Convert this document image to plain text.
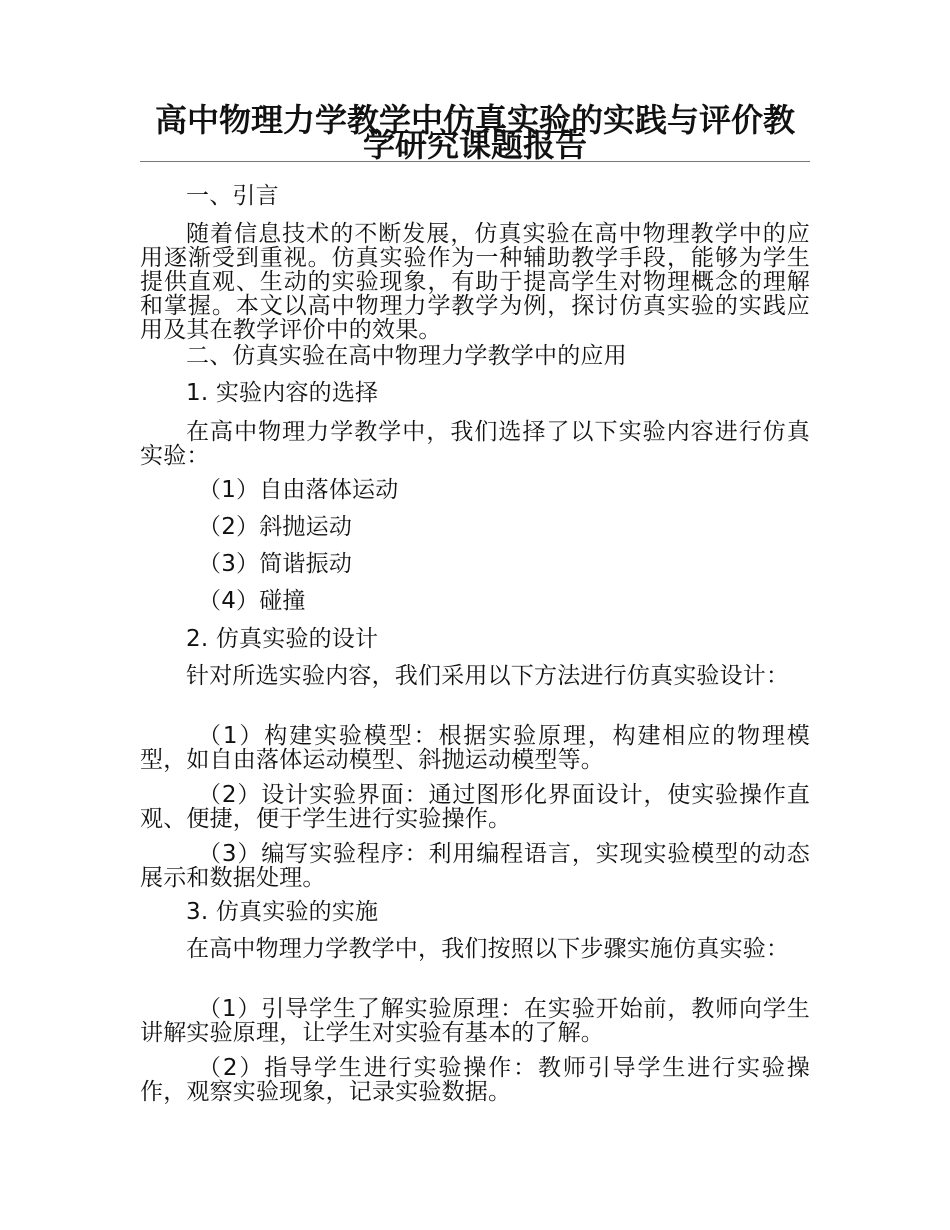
高中物理力学教学中仿真实验的实践与评价教学研究课题报告
一、引言
随着信息技术的不断发展，仿真实验在高中物理教学中的应用逐渐受到重视。仿真实验作为一种辅助教学手段，能够为学生提供直观、生动的实验现象，有助于提高学生对物理概念的理解和掌握。本文以高中物理力学教学为例，探讨仿真实验的实践应用及其在教学评价中的效果。
二、仿真实验在高中物理力学教学中的应用
1. 实验内容的选择
在高中物理力学教学中，我们选择了以下实验内容进行仿真实验：
（1）自由落体运动
（2）斜抛运动
（3）简谐振动
（4）碰撞
2. 仿真实验的设计
针对所选实验内容，我们采用以下方法进行仿真实验设计：
（1）构建实验模型：根据实验原理，构建相应的物理模型，如自由落体运动模型、斜抛运动模型等。
（2）设计实验界面：通过图形化界面设计，使实验操作直观、便捷，便于学生进行实验操作。
（3）编写实验程序：利用编程语言，实现实验模型的动态展示和数据处理。
3. 仿真实验的实施
在高中物理力学教学中，我们按照以下步骤实施仿真实验：
（1）引导学生了解实验原理：在实验开始前，教师向学生讲解实验原理，让学生对实验有基本的了解。
（2）指导学生进行实验操作：教师引导学生进行实验操作，观察实验现象，记录实验数据。
